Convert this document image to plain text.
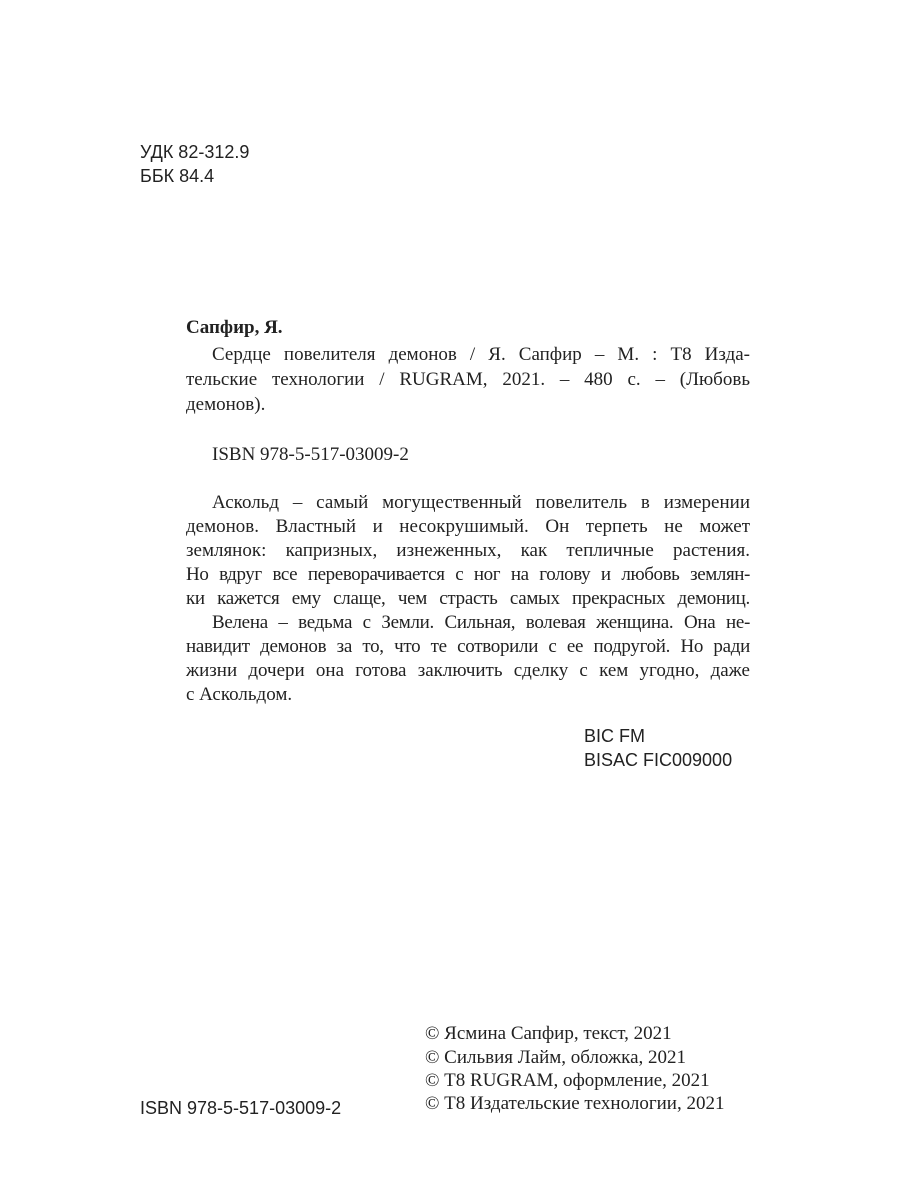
УДК 82-312.9
ББК 84.4
Сапфир, Я.
Сердце повелителя демонов / Я. Сапфир – М. : Т8 Изда-
тельские технологии / RUGRAM, 2021. – 480 с. – (Любовь
демонов).
ISBN 978-5-517-03009-2
Аскольд – самый могущественный повелитель в измерении
демонов. Властный и несокрушимый. Он терпеть не может
землянок: капризных, изнеженных, как тепличные растения.
Но вдруг все переворачивается с ног на голову и любовь землян-
ки кажется ему слаще, чем страсть самых прекрасных демониц.
Велена – ведьма с Земли. Сильная, волевая женщина. Она не-
навидит демонов за то, что те сотворили с ее подругой. Но ради
жизни дочери она готова заключить сделку с кем угодно, даже
с Аскольдом.
BIC FM
BISAC FIC009000
© Ясмина Сапфир, текст, 2021
© Сильвия Лайм, обложка, 2021
© Т8 RUGRAM, оформление, 2021
© Т8 Издательские технологии, 2021
ISBN 978-5-517-03009-2
